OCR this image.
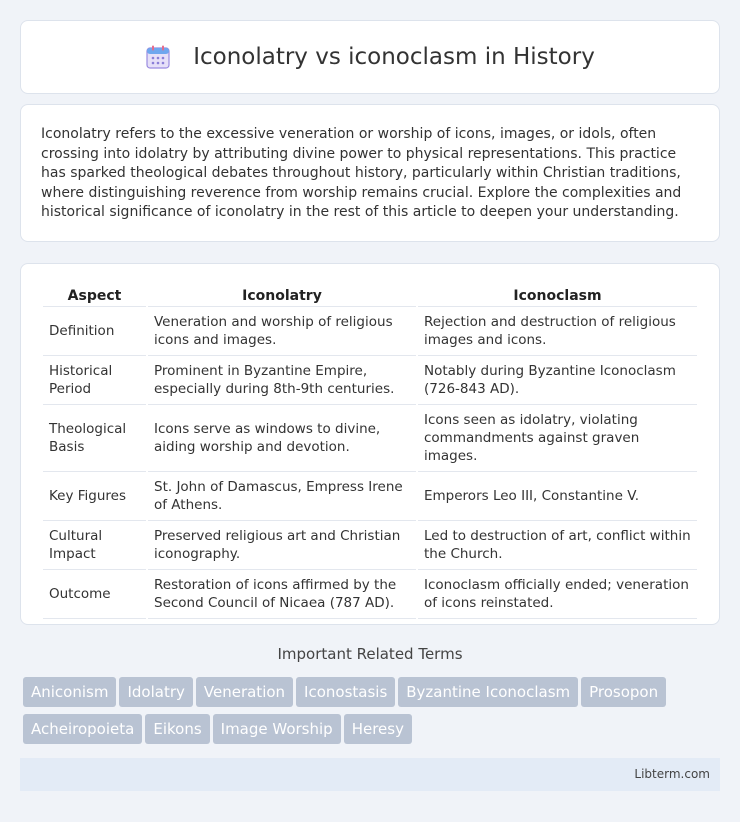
Iconolatry vs iconoclasm in History

Iconolatry refers to the excessive veneration or worship of icons, images, or idols, often crossing into idolatry by attributing divine power to physical representations. This practice has sparked theological debates throughout history, particularly within Christian traditions, where distinguishing reverence from worship remains crucial. Explore the complexities and historical significance of iconolatry in the rest of this article to deepen your understanding.

Aspect	Iconolatry	Iconoclasm
Definition	Veneration and worship of religious icons and images.	Rejection and destruction of religious images and icons.
Historical Period	Prominent in Byzantine Empire, especially during 8th-9th centuries.	Notably during Byzantine Iconoclasm (726-843 AD).
Theological Basis	Icons serve as windows to divine, aiding worship and devotion.	Icons seen as idolatry, violating commandments against graven images.
Key Figures	St. John of Damascus, Empress Irene of Athens.	Emperors Leo III, Constantine V.
Cultural Impact	Preserved religious art and Christian iconography.	Led to destruction of art, conflict within the Church.
Outcome	Restoration of icons affirmed by the Second Council of Nicaea (787 AD).	Iconoclasm officially ended; veneration of icons reinstated.
Important Related Terms
Aniconism Idolatry Veneration Iconostasis Byzantine Iconoclasm ProsoponAcheiropoieta Eikons Image Worship Heresy
Libterm.com
